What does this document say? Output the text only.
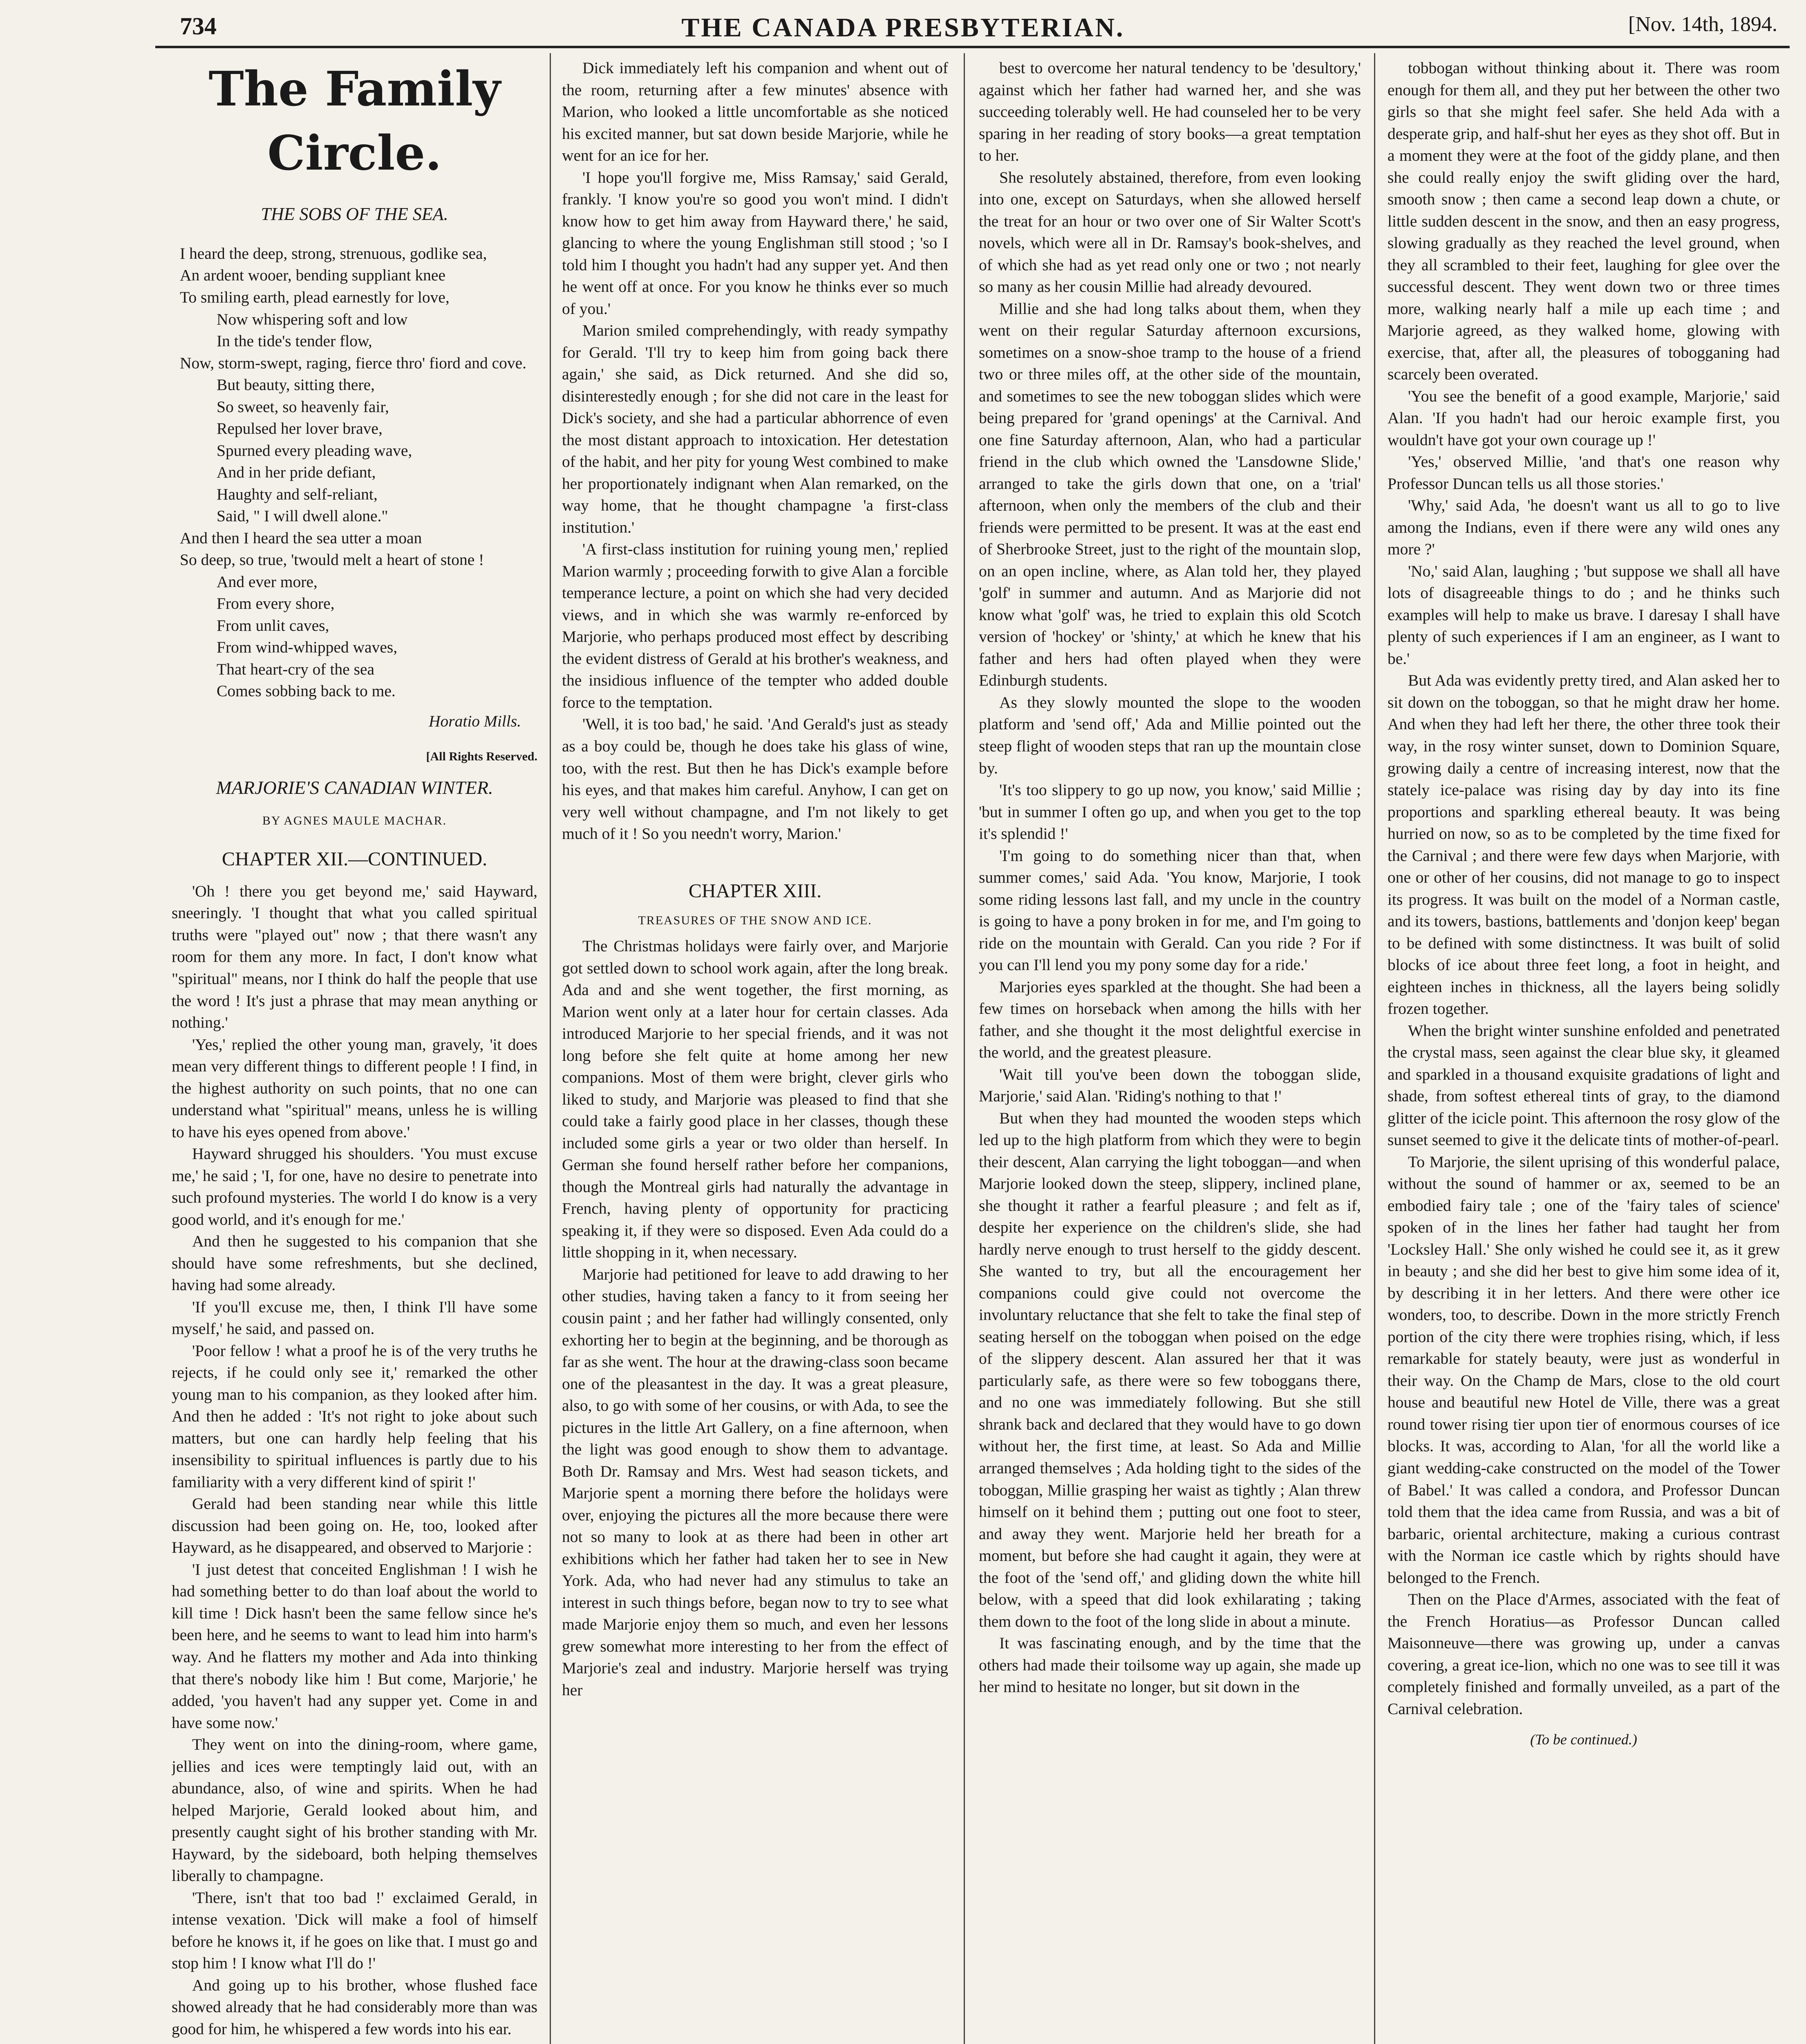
734	THE CANADA PRESBYTERIAN.	[Nov. 14th, 1894.
The Family Circle.
THE SOBS OF THE SEA.
I heard the deep, strong, strenuous, godlike sea,
An ardent wooer, bending suppliant knee
To smiling earth, plead earnestly for love,
Now whispering soft and low
In the tide's tender flow,
Now, storm-swept, raging, fierce thro' fiord and cove.
But beauty, sitting there,
So sweet, so heavenly fair,
Repulsed her lover brave,
Spurned every pleading wave,
And in her pride defiant,
Haughty and self-reliant,
Said, " I will dwell alone."
And then I heard the sea utter a moan
So deep, so true, 'twould melt a heart of stone !
And ever more,
From every shore,
From unlit caves,
From wind-whipped waves,
That heart-cry of the sea
Comes sobbing back to me.
Horatio Mills.
[All Rights Reserved.
MARJORIE'S CANADIAN WINTER.
BY AGNES MAULE MACHAR.
CHAPTER XII.—CONTINUED.

'Oh ! there you get beyond me,' said Hayward, sneeringly. 'I thought that what you called spiritual truths were "played out" now ; that there wasn't any room for them any more. In fact, I don't know what "spiritual" means, nor I think do half the people that use the word ! It's just a phrase that may mean anything or nothing.'

'Yes,' replied the other young man, gravely, 'it does mean very different things to different people ! I find, in the highest authority on such points, that no one can understand what "spiritual" means, unless he is willing to have his eyes opened from above.'

Hayward shrugged his shoulders. 'You must excuse me,' he said ; 'I, for one, have no desire to penetrate into such profound mysteries. The world I do know is a very good world, and it's enough for me.'

And then he suggested to his companion that she should have some refreshments, but she declined, having had some already.

'If you'll excuse me, then, I think I'll have some myself,' he said, and passed on.

'Poor fellow ! what a proof he is of the very truths he rejects, if he could only see it,' remarked the other young man to his companion, as they looked after him. And then he added : 'It's not right to joke about such matters, but one can hardly help feeling that his insensibility to spiritual influences is partly due to his familiarity with a very different kind of spirit !'

Gerald had been standing near while this little discussion had been going on. He, too, looked after Hayward, as he disappeared, and observed to Marjorie :

'I just detest that conceited Englishman ! I wish he had something better to do than loaf about the world to kill time ! Dick hasn't been the same fellow since he's been here, and he seems to want to lead him into harm's way. And he flatters my mother and Ada into thinking that there's nobody like him ! But come, Marjorie,' he added, 'you haven't had any supper yet. Come in and have some now.'

They went on into the dining-room, where game, jellies and ices were temptingly laid out, with an abundance, also, of wine and spirits. When he had helped Marjorie, Gerald looked about him, and presently caught sight of his brother standing with Mr. Hayward, by the sideboard, both helping themselves liberally to champagne.

'There, isn't that too bad !' exclaimed Gerald, in intense vexation. 'Dick will make a fool of himself before he knows it, if he goes on like that. I must go and stop him ! I know what I'll do !'

And going up to his brother, whose flushed face showed already that he had considerably more than was good for him, he whispered a few words into his ear.

Dick immediately left his companion and whent out of the room, returning after a few minutes' absence with Marion, who looked a little uncomfortable as she noticed his excited manner, but sat down beside Marjorie, while he went for an ice for her.

'I hope you'll forgive me, Miss Ramsay,' said Gerald, frankly. 'I know you're so good you won't mind. I didn't know how to get him away from Hayward there,' he said, glancing to where the young Englishman still stood ; 'so I told him I thought you hadn't had any supper yet. And then he went off at once. For you know he thinks ever so much of you.'

Marion smiled comprehendingly, with ready sympathy for Gerald. 'I'll try to keep him from going back there again,' she said, as Dick returned. And she did so, disinterestedly enough ; for she did not care in the least for Dick's society, and she had a particular abhorrence of even the most distant approach to intoxication. Her detestation of the habit, and her pity for young West combined to make her proportionately indignant when Alan remarked, on the way home, that he thought champagne 'a first-class institution.'

'A first-class institution for ruining young men,' replied Marion warmly ; proceeding forwith to give Alan a forcible temperance lecture, a point on which she had very decided views, and in which she was warmly re-enforced by Marjorie, who perhaps produced most effect by describing the evident distress of Gerald at his brother's weakness, and the insidious influence of the tempter who added double force to the temptation.

'Well, it is too bad,' he said. 'And Gerald's just as steady as a boy could be, though he does take his glass of wine, too, with the rest. But then he has Dick's example before his eyes, and that makes him careful. Anyhow, I can get on very well without champagne, and I'm not likely to get much of it ! So you needn't worry, Marion.'

CHAPTER XIII.
TREASURES OF THE SNOW AND ICE.

The Christmas holidays were fairly over, and Marjorie got settled down to school work again, after the long break. Ada and and she went together, the first morning, as Marion went only at a later hour for certain classes. Ada introduced Marjorie to her special friends, and it was not long before she felt quite at home among her new companions. Most of them were bright, clever girls who liked to study, and Marjorie was pleased to find that she could take a fairly good place in her classes, though these included some girls a year or two older than herself. In German she found herself rather before her companions, though the Montreal girls had naturally the advantage in French, having plenty of opportunity for practicing speaking it, if they were so disposed. Even Ada could do a little shopping in it, when necessary.

Marjorie had petitioned for leave to add drawing to her other studies, having taken a fancy to it from seeing her cousin paint ; and her father had willingly consented, only exhorting her to begin at the beginning, and be thorough as far as she went. The hour at the drawing-class soon became one of the pleasantest in the day. It was a great pleasure, also, to go with some of her cousins, or with Ada, to see the pictures in the little Art Gallery, on a fine afternoon, when the light was good enough to show them to advantage. Both Dr. Ramsay and Mrs. West had season tickets, and Marjorie spent a morning there before the holidays were over, enjoying the pictures all the more because there were not so many to look at as there had been in other art exhibitions which her father had taken her to see in New York. Ada, who had never had any stimulus to take an interest in such things before, began now to try to see what made Marjorie enjoy them so much, and even her lessons grew somewhat more interesting to her from the effect of Marjorie's zeal and industry. Marjorie herself was trying her

best to overcome her natural tendency to be 'desultory,' against which her father had warned her, and she was succeeding tolerably well. He had counseled her to be very sparing in her reading of story books—a great temptation to her.

She resolutely abstained, therefore, from even looking into one, except on Saturdays, when she allowed herself the treat for an hour or two over one of Sir Walter Scott's novels, which were all in Dr. Ramsay's book-shelves, and of which she had as yet read only one or two ; not nearly so many as her cousin Millie had already devoured.

Millie and she had long talks about them, when they went on their regular Saturday afternoon excursions, sometimes on a snow-shoe tramp to the house of a friend two or three miles off, at the other side of the mountain, and sometimes to see the new toboggan slides which were being prepared for 'grand openings' at the Carnival. And one fine Saturday afternoon, Alan, who had a particular friend in the club which owned the 'Lansdowne Slide,' arranged to take the girls down that one, on a 'trial' afternoon, when only the members of the club and their friends were permitted to be present. It was at the east end of Sherbrooke Street, just to the right of the mountain slop, on an open incline, where, as Alan told her, they played 'golf' in summer and autumn. And as Marjorie did not know what 'golf' was, he tried to explain this old Scotch version of 'hockey' or 'shinty,' at which he knew that his father and hers had often played when they were Edinburgh students.

As they slowly mounted the slope to the wooden platform and 'send off,' Ada and Millie pointed out the steep flight of wooden steps that ran up the mountain close by.

'It's too slippery to go up now, you know,' said Millie ; 'but in summer I often go up, and when you get to the top it's splendid !'

'I'm going to do something nicer than that, when summer comes,' said Ada. 'You know, Marjorie, I took some riding lessons last fall, and my uncle in the country is going to have a pony broken in for me, and I'm going to ride on the mountain with Gerald. Can you ride ? For if you can I'll lend you my pony some day for a ride.'

Marjories eyes sparkled at the thought. She had been a few times on horseback when among the hills with her father, and she thought it the most delightful exercise in the world, and the greatest pleasure.

'Wait till you've been down the toboggan slide, Marjorie,' said Alan. 'Riding's nothing to that !'

But when they had mounted the wooden steps which led up to the high platform from which they were to begin their descent, Alan carrying the light toboggan—and when Marjorie looked down the steep, slippery, inclined plane, she thought it rather a fearful pleasure ; and felt as if, despite her experience on the children's slide, she had hardly nerve enough to trust herself to the giddy descent. She wanted to try, but all the encouragement her companions could give could not overcome the involuntary reluctance that she felt to take the final step of seating herself on the toboggan when poised on the edge of the slippery descent. Alan assured her that it was particularly safe, as there were so few toboggans there, and no one was immediately following. But she still shrank back and declared that they would have to go down without her, the first time, at least. So Ada and Millie arranged themselves ; Ada holding tight to the sides of the toboggan, Millie grasping her waist as tightly ; Alan threw himself on it behind them ; putting out one foot to steer, and away they went. Marjorie held her breath for a moment, but before she had caught it again, they were at the foot of the 'send off,' and gliding down the white hill below, with a speed that did look exhilarating ; taking them down to the foot of the long slide in about a minute.

It was fascinating enough, and by the time that the others had made their toilsome way up again, she made up her mind to hesitate no longer, but sit down in the

tobbogan without thinking about it. There was room enough for them all, and they put her between the other two girls so that she might feel safer. She held Ada with a desperate grip, and half-shut her eyes as they shot off. But in a moment they were at the foot of the giddy plane, and then she could really enjoy the swift gliding over the hard, smooth snow ; then came a second leap down a chute, or little sudden descent in the snow, and then an easy progress, slowing gradually as they reached the level ground, when they all scrambled to their feet, laughing for glee over the successful descent. They went down two or three times more, walking nearly half a mile up each time ; and Marjorie agreed, as they walked home, glowing with exercise, that, after all, the pleasures of tobogganing had scarcely been overated.

'You see the benefit of a good example, Marjorie,' said Alan. 'If you hadn't had our heroic example first, you wouldn't have got your own courage up !'

'Yes,' observed Millie, 'and that's one reason why Professor Duncan tells us all those stories.'

'Why,' said Ada, 'he doesn't want us all to go to live among the Indians, even if there were any wild ones any more ?'

'No,' said Alan, laughing ; 'but suppose we shall all have lots of disagreeable things to do ; and he thinks such examples will help to make us brave. I daresay I shall have plenty of such experiences if I am an engineer, as I want to be.'

But Ada was evidently pretty tired, and Alan asked her to sit down on the toboggan, so that he might draw her home. And when they had left her there, the other three took their way, in the rosy winter sunset, down to Dominion Square, growing daily a centre of increasing interest, now that the stately ice-palace was rising day by day into its fine proportions and sparkling ethereal beauty. It was being hurried on now, so as to be completed by the time fixed for the Carnival ; and there were few days when Marjorie, with one or other of her cousins, did not manage to go to inspect its progress. It was built on the model of a Norman castle, and its towers, bastions, battlements and 'donjon keep' began to be defined with some distinctness. It was built of solid blocks of ice about three feet long, a foot in height, and eighteen inches in thickness, all the layers being solidly frozen together.

When the bright winter sunshine enfolded and penetrated the crystal mass, seen against the clear blue sky, it gleamed and sparkled in a thousand exquisite gradations of light and shade, from softest ethereal tints of gray, to the diamond glitter of the icicle point. This afternoon the rosy glow of the sunset seemed to give it the delicate tints of mother-of-pearl.

To Marjorie, the silent uprising of this wonderful palace, without the sound of hammer or ax, seemed to be an embodied fairy tale ; one of the 'fairy tales of science' spoken of in the lines her father had taught her from 'Locksley Hall.' She only wished he could see it, as it grew in beauty ; and she did her best to give him some idea of it, by describing it in her letters. And there were other ice wonders, too, to describe. Down in the more strictly French portion of the city there were trophies rising, which, if less remarkable for stately beauty, were just as wonderful in their way. On the Champ de Mars, close to the old court house and beautiful new Hotel de Ville, there was a great round tower rising tier upon tier of enormous courses of ice blocks. It was, according to Alan, 'for all the world like a giant wedding-cake constructed on the model of the Tower of Babel.' It was called a condora, and Professor Duncan told them that the idea came from Russia, and was a bit of barbaric, oriental architecture, making a curious contrast with the Norman ice castle which by rights should have belonged to the French.

Then on the Place d'Armes, associated with the feat of the French Horatius—as Professor Duncan called Maisonneuve—there was growing up, under a canvas covering, a great ice-lion, which no one was to see till it was completely finished and formally unveiled, as a part of the Carnival celebration.

(To be continued.)
